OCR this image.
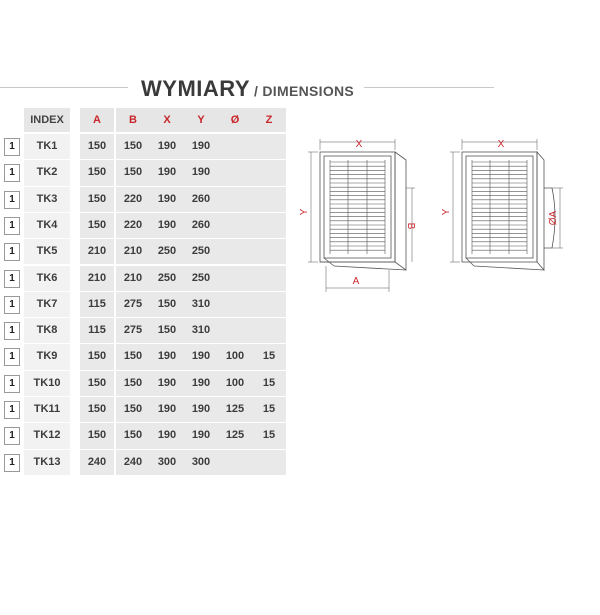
WYMIARY / DIMENSIONS
INDEX	A	B	X	Y	Ø	Z
1	TK1	150	150	190	190
1	TK2	150	150	190	190
1	TK3	150	220	190	260
1	TK4	150	220	190	260
1	TK5	210	210	250	250
1	TK6	210	210	250	250
1	TK7	115	275	150	310
1	TK8	115	275	150	310
1	TK9	150	150	190	190	100	15
1	TK10	150	150	190	190	100	15
1	TK11	150	150	190	190	125	15
1	TK12	150	150	190	190	125	15
1	TK13	240	240	300	300
X
Y
B
A
X
Y	ØA
